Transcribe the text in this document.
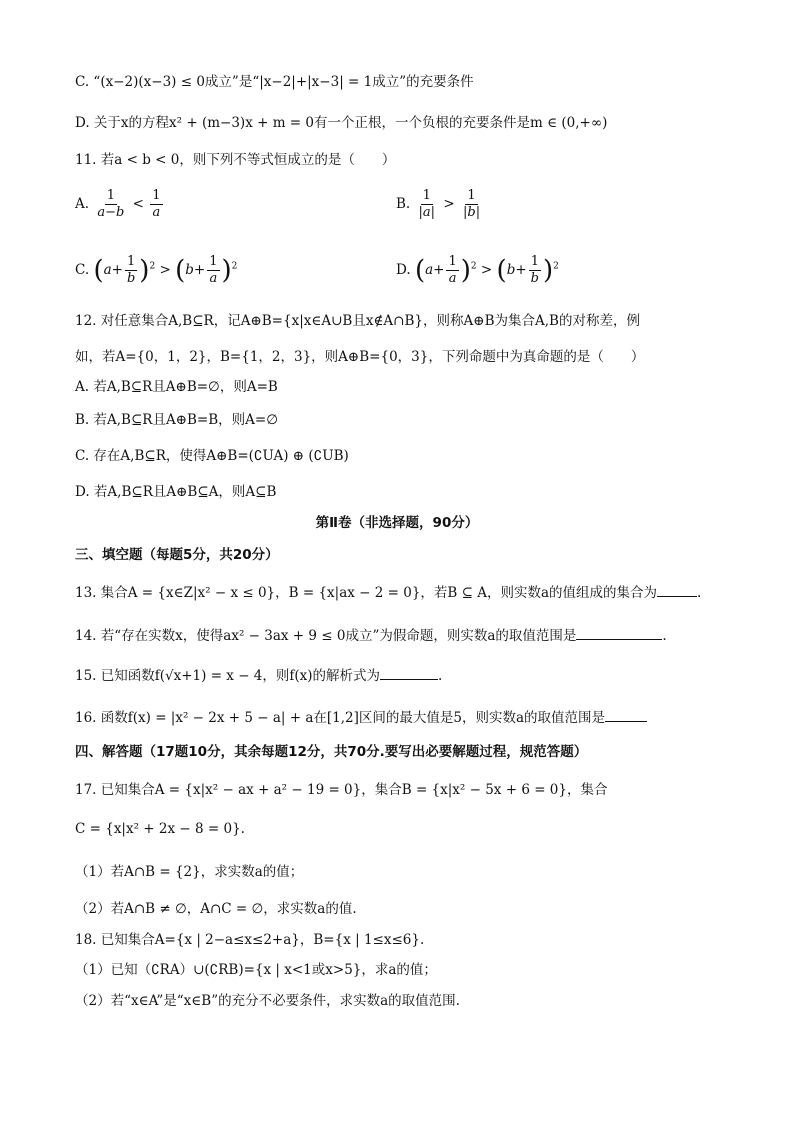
C. “(x−2)(x−3) ≤ 0成立”是“|x−2|+|x−3| = 1成立”的充要条件
D. 关于x的方程x² + (m−3)x + m = 0有一个正根，一个负根的充要条件是m ∈ (0,+∞)
11. 若a < b < 0，则下列不等式恒成立的是（　　）
A. $\frac{1}{a-b} < \frac{1}{a}$	B. $\frac{1}{|a|} > \frac{1}{|b|}$
C. $(a+ \frac{1}{b} )^2 > (b+ \frac{1}{a} )^2$	D. $(a+ \frac{1}{a} )^2 > (b+ \frac{1}{b} )^2$
12. 对任意集合A,B⊆R，记A⊕B={x|x∈A∪B且x∉A∩B}，则称A⊕B为集合A,B的对称差，例
如，若A={0，1，2}，B={1，2，3}，则A⊕B={0，3}，下列命题中为真命题的是（　　）
A. 若A,B⊆R且A⊕B=∅，则A=B
B. 若A,B⊆R且A⊕B=B，则A=∅
C. 存在A,B⊆R，使得A⊕B=(∁UA) ⊕ (∁UB)
D. 若A,B⊆R且A⊕B⊆A，则A⊆B
第Ⅱ卷（非选择题，90分）
三、填空题（每题5分，共20分）
13. 集合A = {x∈Z|x² − x ≤ 0}，B = {x|ax − 2 = 0}，若B ⊆ A，则实数a的值组成的集合为	.
14. 若“存在实数x，使得ax² − 3ax + 9 ≤ 0成立”为假命题，则实数a的取值范围是	.
15. 已知函数f(√x+1) = x − 4，则f(x)的解析式为	.
16. 函数f(x) = |x² − 2x + 5 − a| + a在[1,2]区间的最大值是5，则实数a的取值范围是
四、解答题（17题10分，其余每题12分，共70分.要写出必要解题过程，规范答题）
17. 已知集合A = {x|x² − ax + a² − 19 = 0}，集合B = {x|x² − 5x + 6 = 0}，集合
C = {x|x² + 2x − 8 = 0}.
（1）若A∩B = {2}，求实数a的值；
（2）若A∩B ≠ ∅，A∩C = ∅，求实数a的值.
18. 已知集合A={x | 2−a≤x≤2+a}，B={x | 1≤x≤6}.
（1）已知（∁RA）∪(∁RB)={x | x<1或x>5}，求a的值；
（2）若“x∈A”是“x∈B”的充分不必要条件，求实数a的取值范围.
